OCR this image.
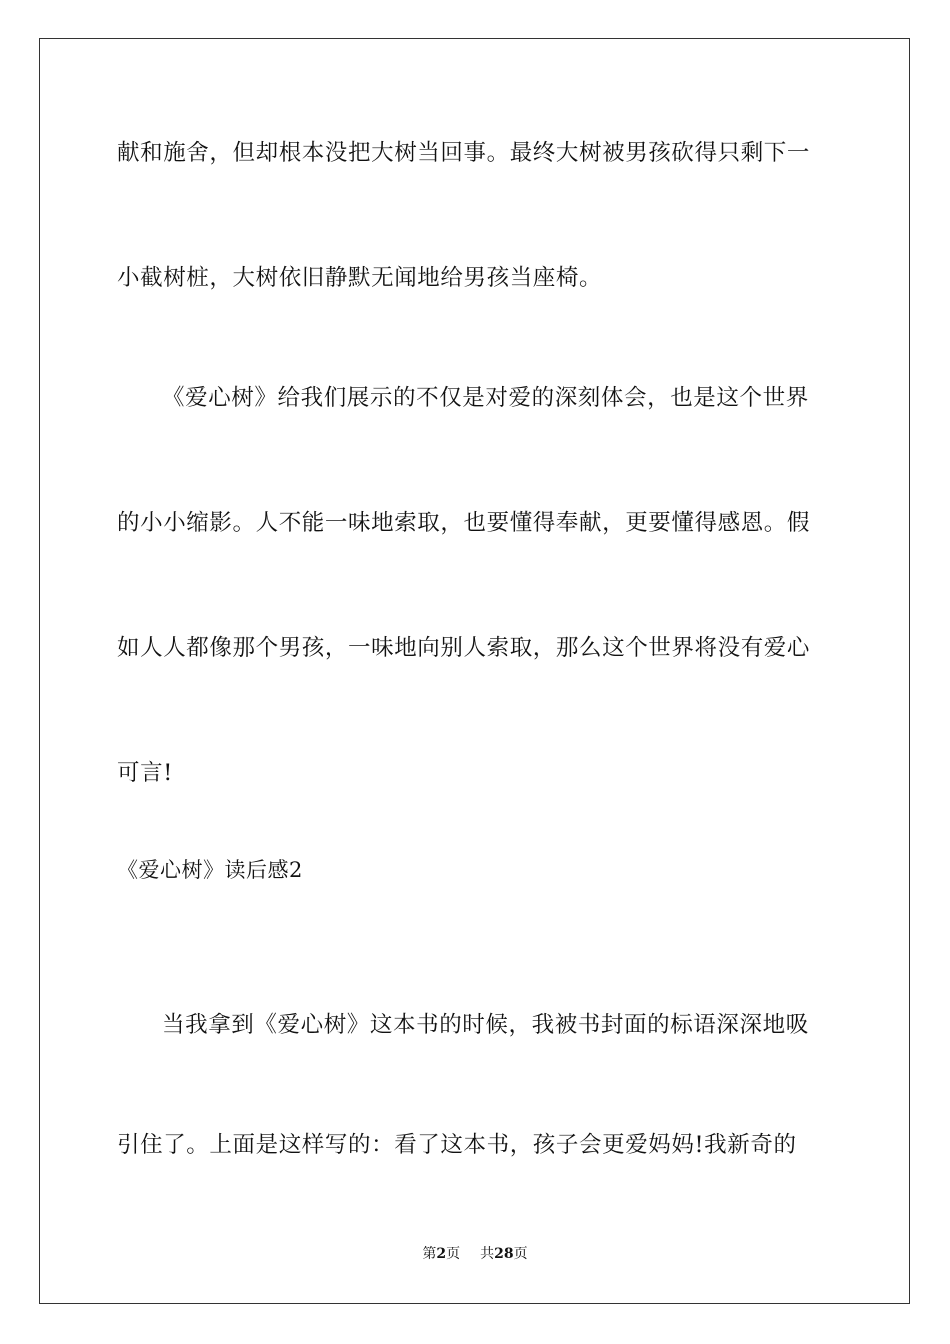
献和施舍，但却根本没把大树当回事。最终大树被男孩砍得只剩下一
小截树桩，大树依旧静默无闻地给男孩当座椅。
《爱心树》给我们展示的不仅是对爱的深刻体会，也是这个世界
的小小缩影。人不能一味地索取，也要懂得奉献，更要懂得感恩。假
如人人都像那个男孩，一味地向别人索取，那么这个世界将没有爱心
可言!
《爱心树》读后感2
当我拿到《爱心树》这本书的时候，我被书封面的标语深深地吸
引住了。上面是这样写的：看了这本书，孩子会更爱妈妈!我新奇的
第2页 共28页
